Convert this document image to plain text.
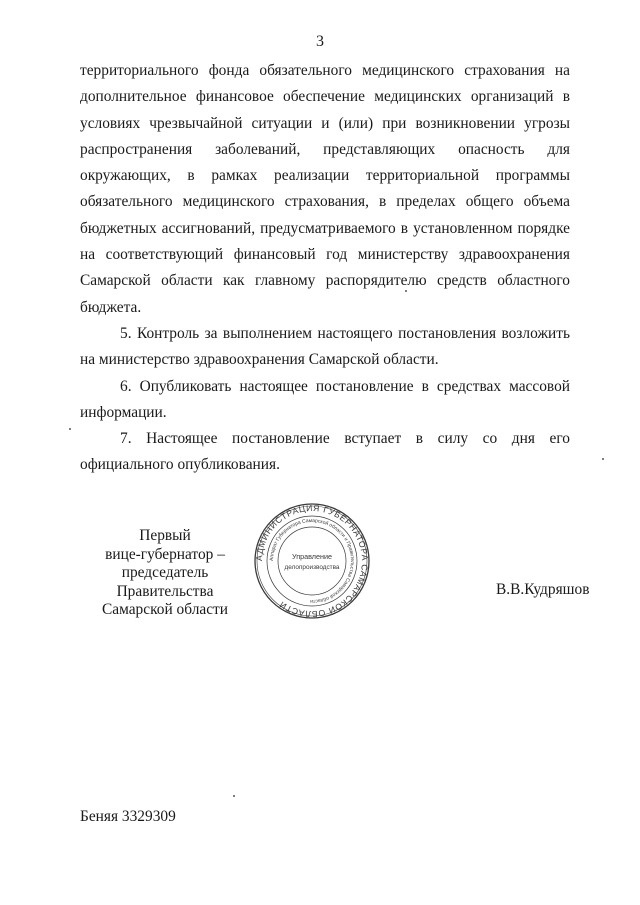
3

территориального фонда обязательного медицинского страхования на дополнительное финансовое обеспечение медицинских организаций в условиях чрезвычайной ситуации и (или) при возникновении угрозы распространения заболеваний, представляющих опасность для окружающих, в рамках реализации территориальной программы обязательного медицинского страхования, в пределах общего объема бюджетных ассигнований, предусматриваемого в установленном порядке на соответствующий финансовый год министерству здравоохранения Самарской области как главному распорядителю средств областного бюджета.

5. Контроль за выполнением настоящего постановления возложить на министерство здравоохранения Самарской области.

6. Опубликовать настоящее постановление в средствах массовой информации.

7. Настоящее постановление вступает в силу со дня его официального опубликования.

Первый
вице-губернатор –
председатель Правительства
Самарской области
АДМИНИСТРАЦИЯ ГУБЕРНАТОРА САМАРСКОЙ ОБЛАСТИ
Аппарат Губернатора Самарской области и Правительства Самарской области
Управление
делопроизводства
В.В.Кудряшов
Беняя 3329309
